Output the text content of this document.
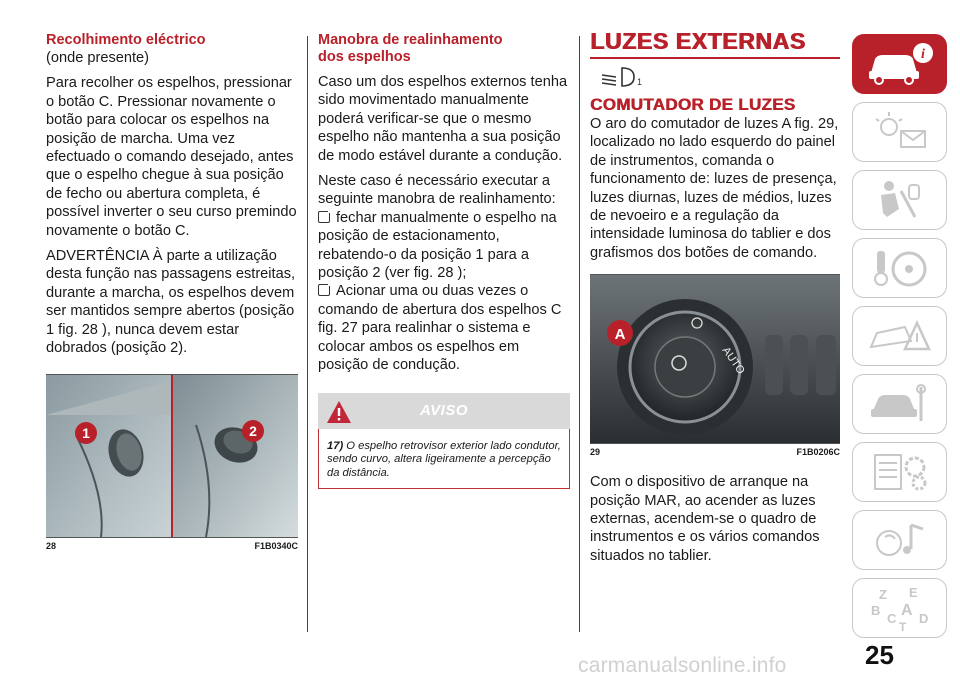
Recolhimento eléctrico

(onde presente)

Para recolher os espelhos, pressionar o botão C. Pressionar novamente o botão para colocar os espelhos na posição de marcha. Uma vez efectuado o comando desejado, antes que o espelho chegue à sua posição de fecho ou abertura completa, é possível inverter o seu curso premindo novamente o botão C.

ADVERTÊNCIA À parte a utilização desta função nas passagens estreitas, durante a marcha, os espelhos devem ser mantidos sempre abertos (posição 1 fig. 28 ), nunca devem estar dobrados (posição 2).

1	2
28	F1B0340C
Manobra de realinhamento dos espelhos

Caso um dos espelhos externos tenha sido movimentado manualmente poderá verificar-se que o mesmo espelho não mantenha a sua posição de modo estável durante a condução.

Neste caso é necessário executar a seguinte manobra de realinhamento:

fechar manualmente o espelho na posição de estacionamento, rebatendo-o da posição 1 para a posição 2 (ver fig. 28 );

Acionar uma ou duas vezes o comando de abertura dos espelhos C fig. 27 para realinhar o sistema e colocar ambos os espelhos em posição de condução.

AVISO

17) O espelho retrovisor exterior lado condutor, sendo curvo, altera ligeiramente a percepção da distância.

LUZES EXTERNAS
1
COMUTADOR DE LUZES

O aro do comutador de luzes A fig. 29, localizado no lado esquerdo do painel de instrumentos, comanda o funcionamento de: luzes de presença, luzes diurnas, luzes de médios, luzes de nevoeiro e a regulação da intensidade luminosa do tablier e dos grafismos dos botões de comando.

AUTO
A
29	F1B0206C

Com o dispositivo de arranque na posição MAR, ao acender as luzes externas, acendem-se o quadro de instrumentos e os vários comandos situados no tablier.

i
Z E
B A
C D
T
25
carmanualsonline.info
